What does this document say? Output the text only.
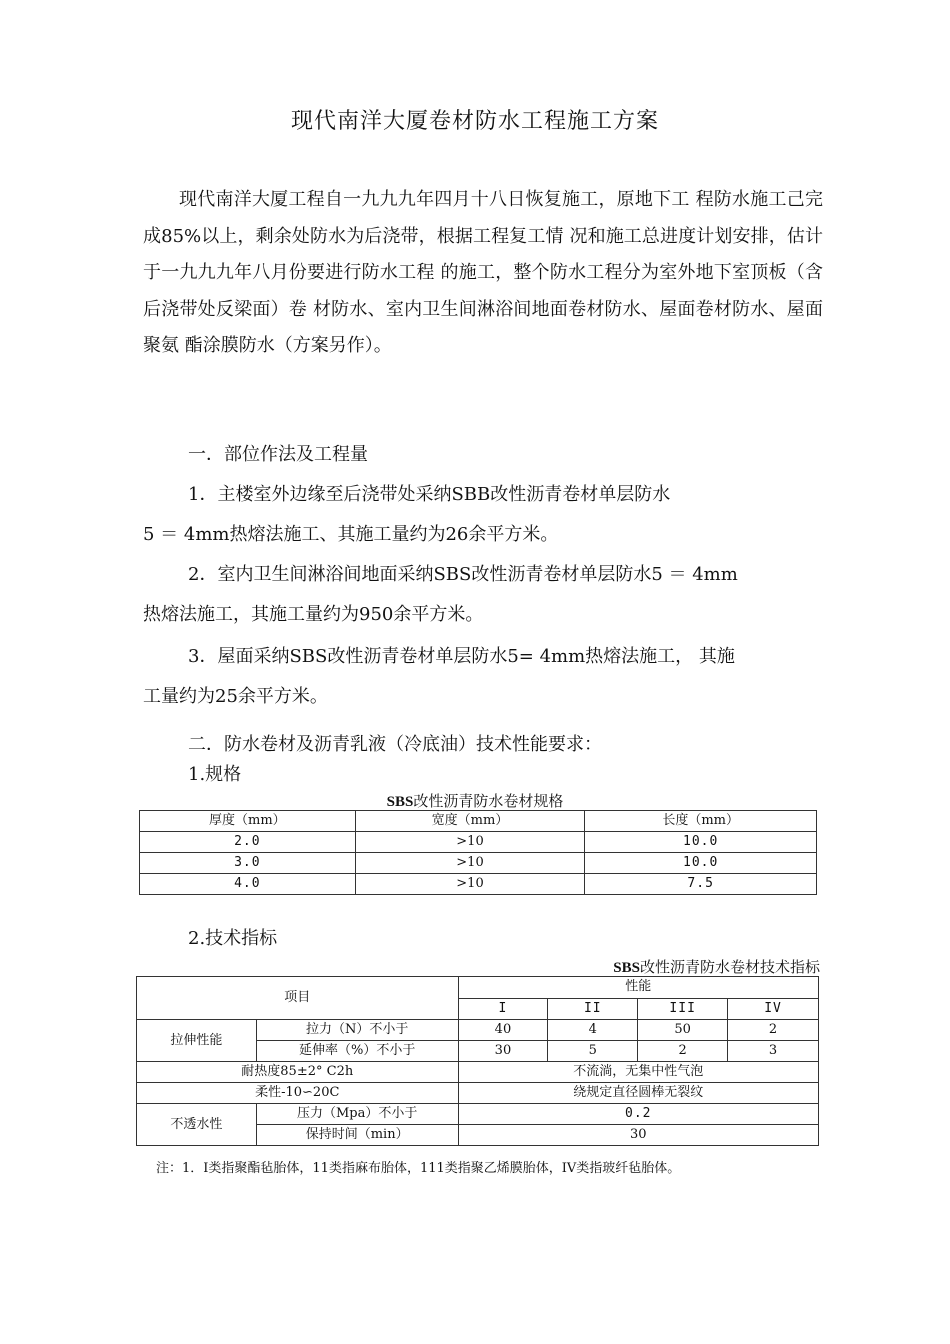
现代南洋大厦卷材防水工程施工方案
现代南洋大厦工程自一九九九年四月十八日恢复施工，原地下工 程防水施工己完成85%以上，剩余处防水为后浇带，根据工程复工情 况和施工总进度计划安排，估计于一九九九年八月份要进行防水工程 的施工，整个防水工程分为室外地下室顶板（含后浇带处反梁面）卷 材防水、室内卫生间淋浴间地面卷材防水、屋面卷材防水、屋面聚氨 酯涂膜防水（方案另作）。
一．部位作法及工程量
1．主楼室外边缘至后浇带处采纳SBB改性沥青卷材单层防水
5 ＝ 4mm热熔法施工、其施工量约为26余平方米。
2．室内卫生间淋浴间地面采纳SBS改性沥青卷材单层防水5 ＝ 4mm
热熔法施工，其施工量约为950余平方米。
3．屋面采纳SBS改性沥青卷材单层防水5= 4mm热熔法施工， 其施
工量约为25余平方米。
二．防水卷材及沥青乳液（冷底油）技术性能要求：
1.规格
SBS改性沥青防水卷材规格
厚度（mm）	宽度（mm）	长度（mm）
2.0	>10	10.0
3.0	>10	10.0
4.0	>10	7.5
2.技术指标
SBS改性沥青防水卷材技术指标
项目		性能			
		I	II	III	IV
拉伸性能	拉力（N）不小于	40	4	50	2
	延伸率（%）不小于	30	5	2	3
耐热度85±2° C2h		不流淌，无集中性气泡			
柔性-10∽20C		绕规定直径圆棒无裂纹			
不透水性	压力（Mpa）不小于	0.2			
	保持时间（min）	30			
注：1．I类指聚酯毡胎体，11类指麻布胎体，111类指聚乙烯膜胎体，IV类指玻纤毡胎体。
